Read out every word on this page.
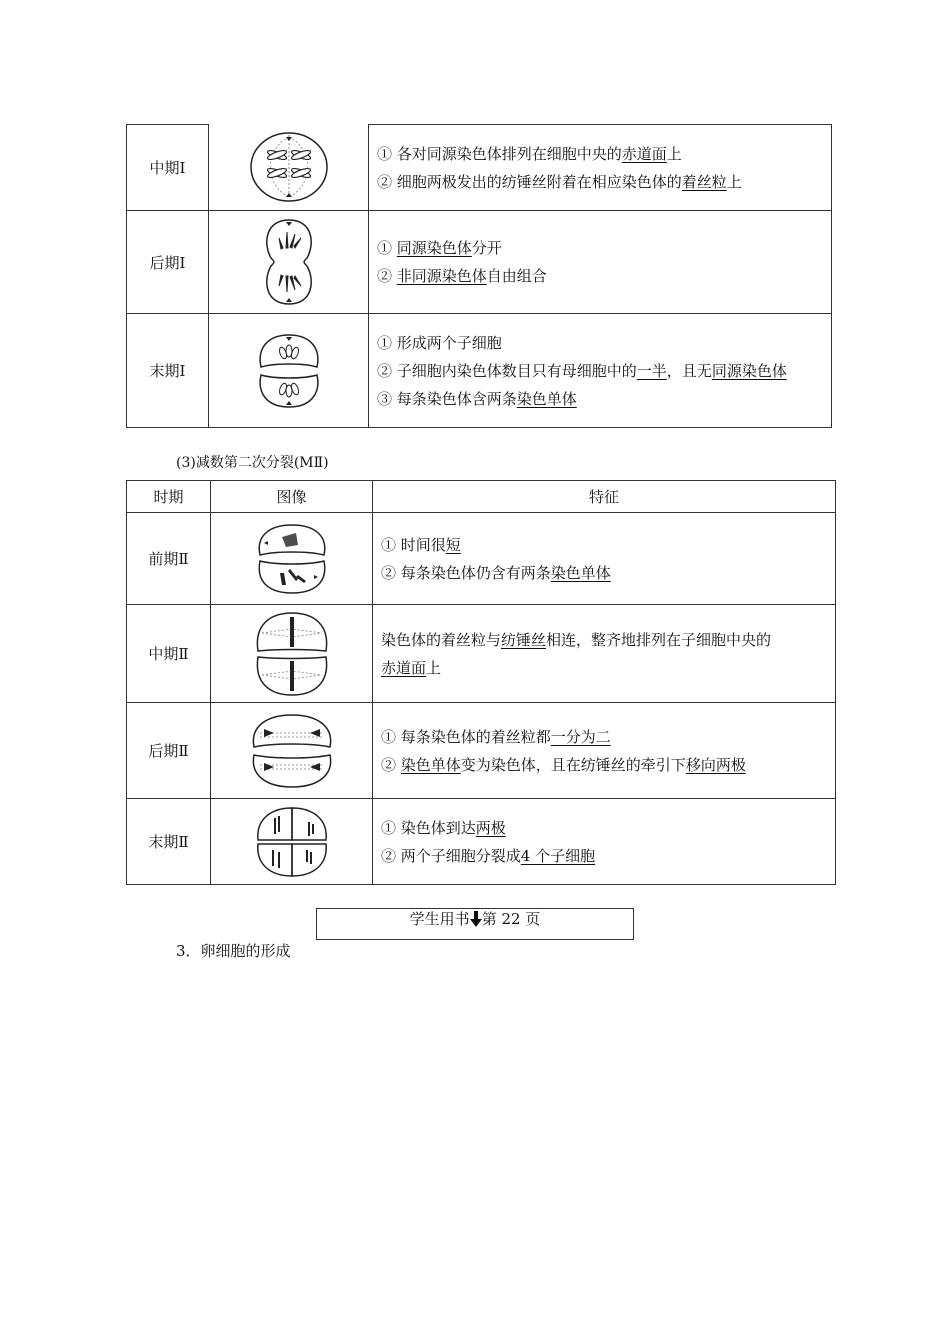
中期Ⅰ		① 各对同源染色体排列在细胞中央的赤道面上
② 细胞两极发出的纺锤丝附着在相应染色体的着丝粒上

后期Ⅰ		① 同源染色体分开
② 非同源染色体自由组合

末期Ⅰ		① 形成两个子细胞
② 子细胞内染色体数目只有母细胞中的一半，且无同源染色体
③ 每条染色体含两条染色单体
(3)减数第二次分裂(MⅡ)
时期	图像	特征
前期Ⅱ		① 时间很短
② 每条染色体仍含有两条染色单体

中期Ⅱ		染色体的着丝粒与纺锤丝相连，整齐地排列在子细胞中央的
赤道面上

后期Ⅱ		① 每条染色体的着丝粒都一分为二
② 染色单体变为染色体，且在纺锤丝的牵引下移向两极

末期Ⅱ		① 染色体到达两极
② 两个子细胞分裂成4 个子细胞
学生用书 第 22 页
3．卵细胞的形成
